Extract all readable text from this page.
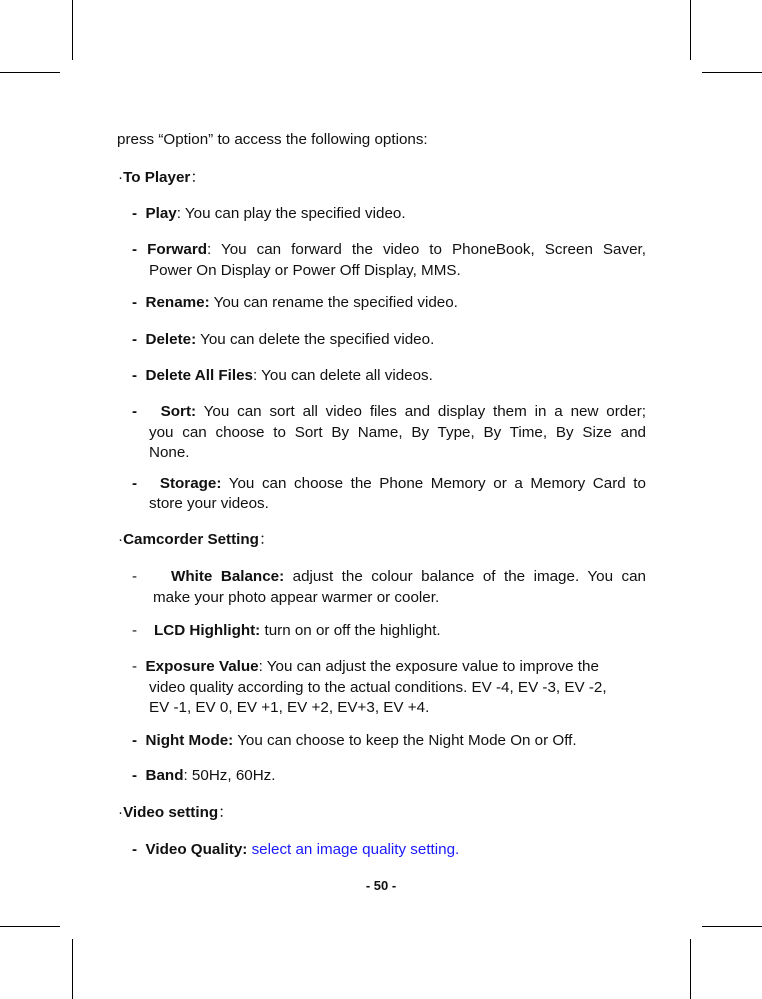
press “Option” to access the following options:
·To Player：
- Play: You can play the specified video.
- Forward: You can forward the video to PhoneBook, Screen Saver,
Power On Display or Power Off Display, MMS.
- Rename: You can rename the specified video.
- Delete: You can delete the specified video.
- Delete All Files: You can delete all videos.
- Sort: You can sort all video files and display them in a new order;
you can choose to Sort By Name, By Type, By Time, By Size and
None.
- Storage: You can choose the Phone Memory or a Memory Card to
store your videos.
·Camcorder Setting：
- White Balance: adjust the colour balance of the image. You can
make your photo appear warmer or cooler.
- LCD Highlight: turn on or off the highlight.
- Exposure Value: You can adjust the exposure value to improve the
video quality according to the actual conditions. EV -4, EV -3, EV -2,
EV -1, EV 0, EV +1, EV +2, EV+3, EV +4.
- Night Mode: You can choose to keep the Night Mode On or Off.
- Band: 50Hz, 60Hz.
·Video setting：
- Video Quality: select an image quality setting.
- 50 -
